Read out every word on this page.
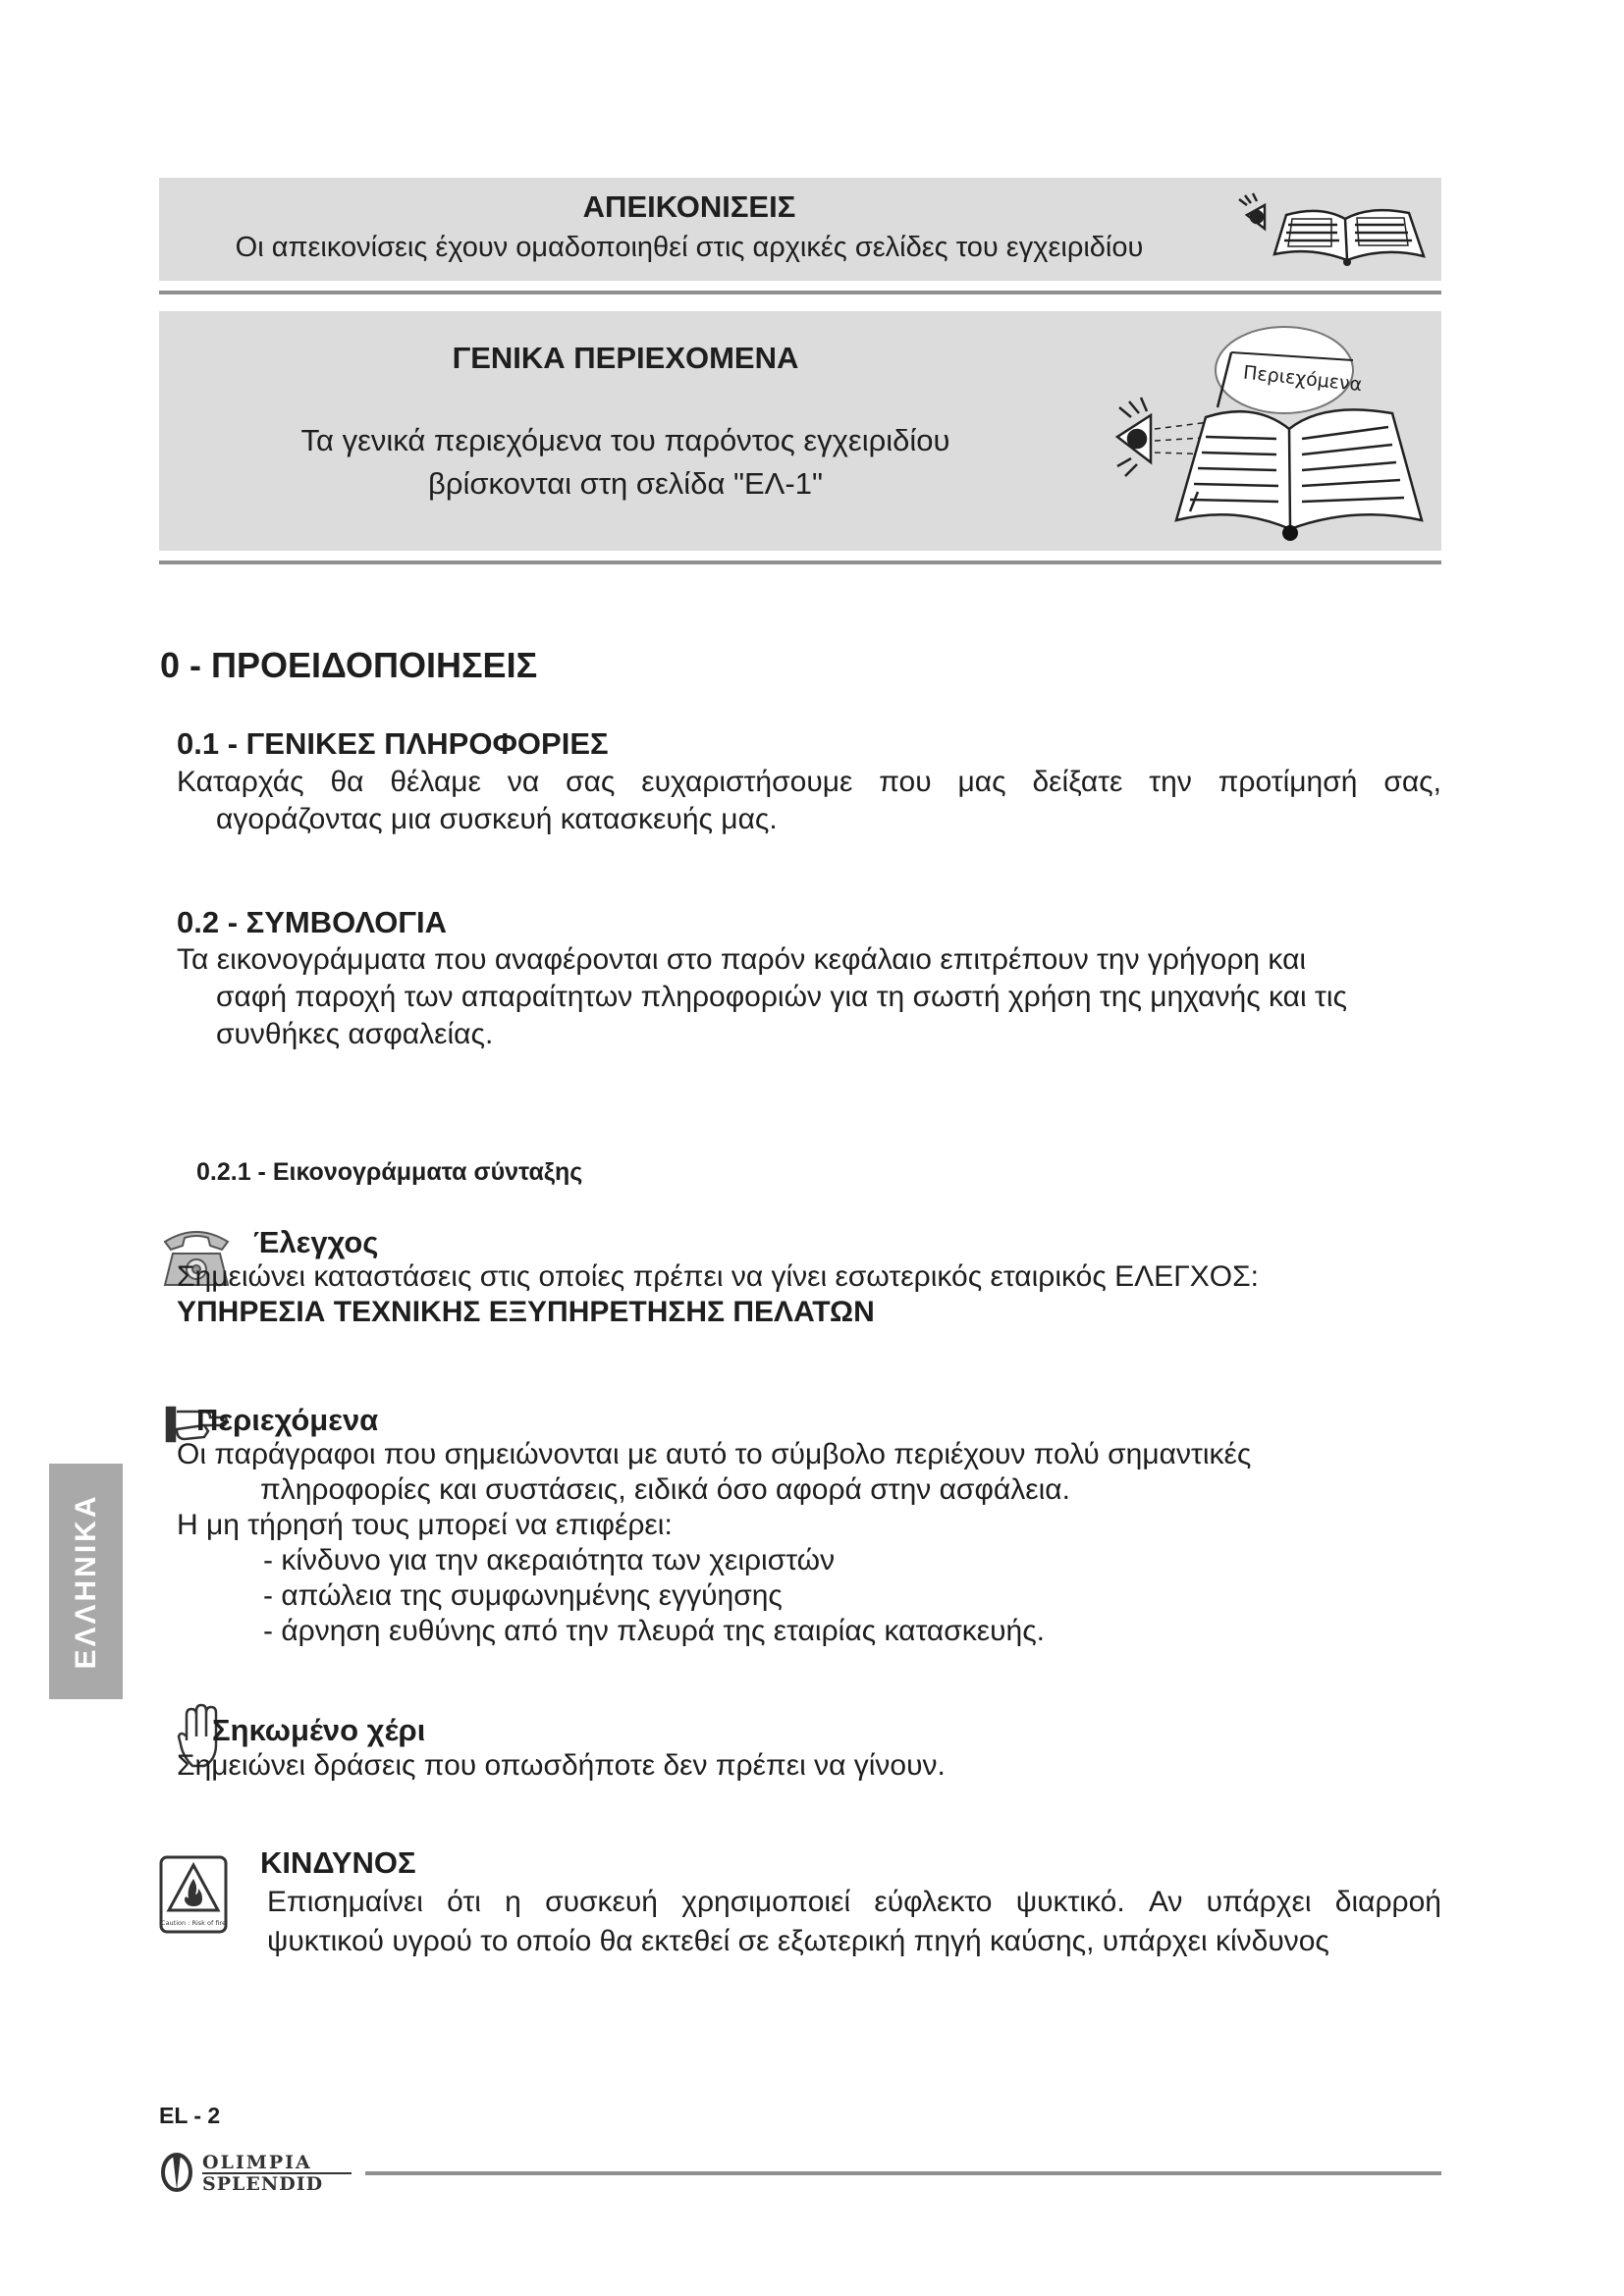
ΑΠΕΙΚΟΝΙΣΕΙΣ
Οι απεικονίσεις έχουν ομαδοποιηθεί στις αρχικές σελίδες του εγχειριδίου
ΓΕΝΙΚΑ ΠΕΡΙΕΧΟΜΕΝΑ
Τα γενικά περιεχόμενα του παρόντος εγχειριδίου
βρίσκονται στη σελίδα "ΕΛ-1"
Περιεχόμενα
0 - ΠΡΟΕΙΔΟΠΟΙΗΣΕΙΣ
0.1 - ΓΕΝΙΚΕΣ ΠΛΗΡΟΦΟΡΙΕΣ
Καταρχάς θα θέλαμε να σας ευχαριστήσουμε που μας δείξατε την προτίμησή σας,
αγοράζοντας μια συσκευή κατασκευής μας.
0.2 - ΣΥΜΒΟΛΟΓΙΑ
Τα εικονογράμματα που αναφέρονται στο παρόν κεφάλαιο επιτρέπουν την γρήγορη και
σαφή παροχή των απαραίτητων πληροφοριών για τη σωστή χρήση της μηχανής και τις
συνθήκες ασφαλείας.
0.2.1 - Εικονογράμματα σύνταξης
Έλεγχος
Σημειώνει καταστάσεις στις οποίες πρέπει να γίνει εσωτερικός εταιρικός ΕΛΕΓΧΟΣ:
ΥΠΗΡΕΣΙΑ ΤΕΧΝΙΚΗΣ ΕΞΥΠΗΡΕΤΗΣΗΣ ΠΕΛΑΤΩΝ
Περιεχόμενα
Οι παράγραφοι που σημειώνονται με αυτό το σύμβολο περιέχουν πολύ σημαντικές
πληροφορίες και συστάσεις, ειδικά όσο αφορά στην ασφάλεια.
Η μη τήρησή τους μπορεί να επιφέρει:
- κίνδυνο για την ακεραιότητα των χειριστών
- απώλεια της συμφωνημένης εγγύησης
- άρνηση ευθύνης από την πλευρά της εταιρίας κατασκευής.
Σηκωμένο χέρι
Σημειώνει δράσεις που οπωσδήποτε δεν πρέπει να γίνουν.
Caution : Risk of fire
ΚΙΝΔΥΝΟΣ
Επισημαίνει ότι η συσκευή χρησιμοποιεί εύφλεκτο ψυκτικό. Αν υπάρχει διαρροή
ψυκτικού υγρού το οποίο θα εκτεθεί σε εξωτερική πηγή καύσης, υπάρχει κίνδυνος
ΕΛΛΗΝΙΚΑ
EL - 2
OLIMPIA
SPLENDID
